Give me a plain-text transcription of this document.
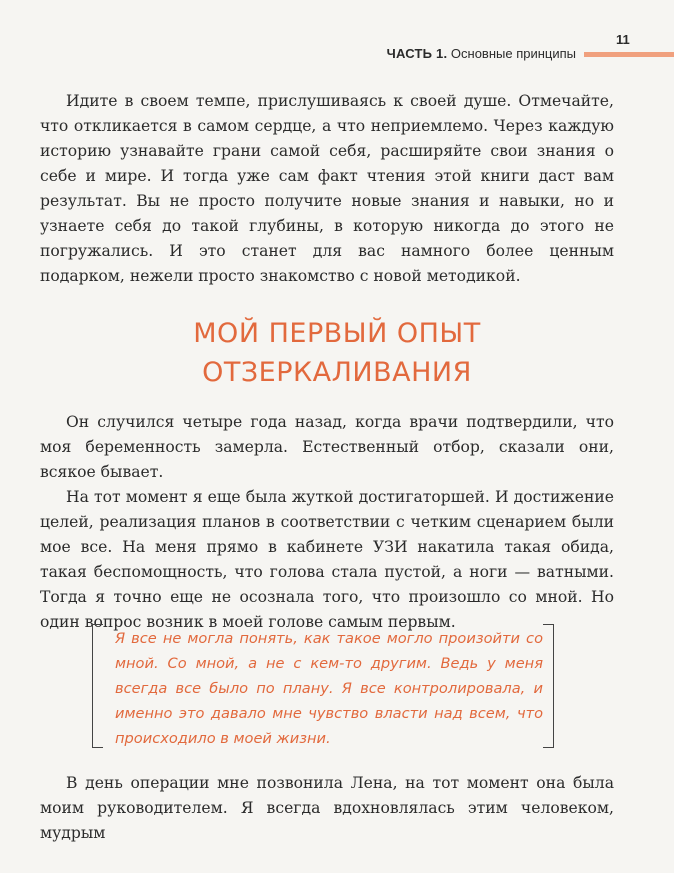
11
ЧАСТЬ 1. Основные принципы

Идите в своем темпе, прислушиваясь к своей душе. Отмечайте, что откликается в самом сердце, а что неприемлемо. Через каждую историю узнавайте грани самой себя, расширяйте свои знания о себе и мире. И тогда уже сам факт чтения этой книги даст вам результат. Вы не просто получите новые знания и навыки, но и узнаете себя до такой глубины, в которую никогда до этого не погружались. И это станет для вас намного более ценным подарком, нежели просто знакомство с новой методикой.

МОЙ ПЕРВЫЙ ОПЫТ
ОТЗЕРКАЛИВАНИЯ

Он случился четыре года назад, когда врачи подтвердили, что моя беременность замерла. Естественный отбор, сказали они, всякое бывает.

На тот момент я еще была жуткой достигаторшей. И достижение целей, реализация планов в соответствии с четким сценарием были мое все. На меня прямо в кабинете УЗИ накатила такая обида, такая беспомощность, что голова стала пустой, а ноги — ватными. Тогда я точно еще не осознала того, что произошло со мной. Но один вопрос возник в моей голове самым первым.

Я все не могла понять, как такое могло произойти со мной. Со мной, а не с кем-то другим. Ведь у меня всегда все было по плану. Я все контролировала, и именно это давало мне чувство власти над всем, что происходило в моей жизни.

В день операции мне позвонила Лена, на тот момент она была моим руководителем. Я всегда вдохновлялась этим человеком, мудрым
